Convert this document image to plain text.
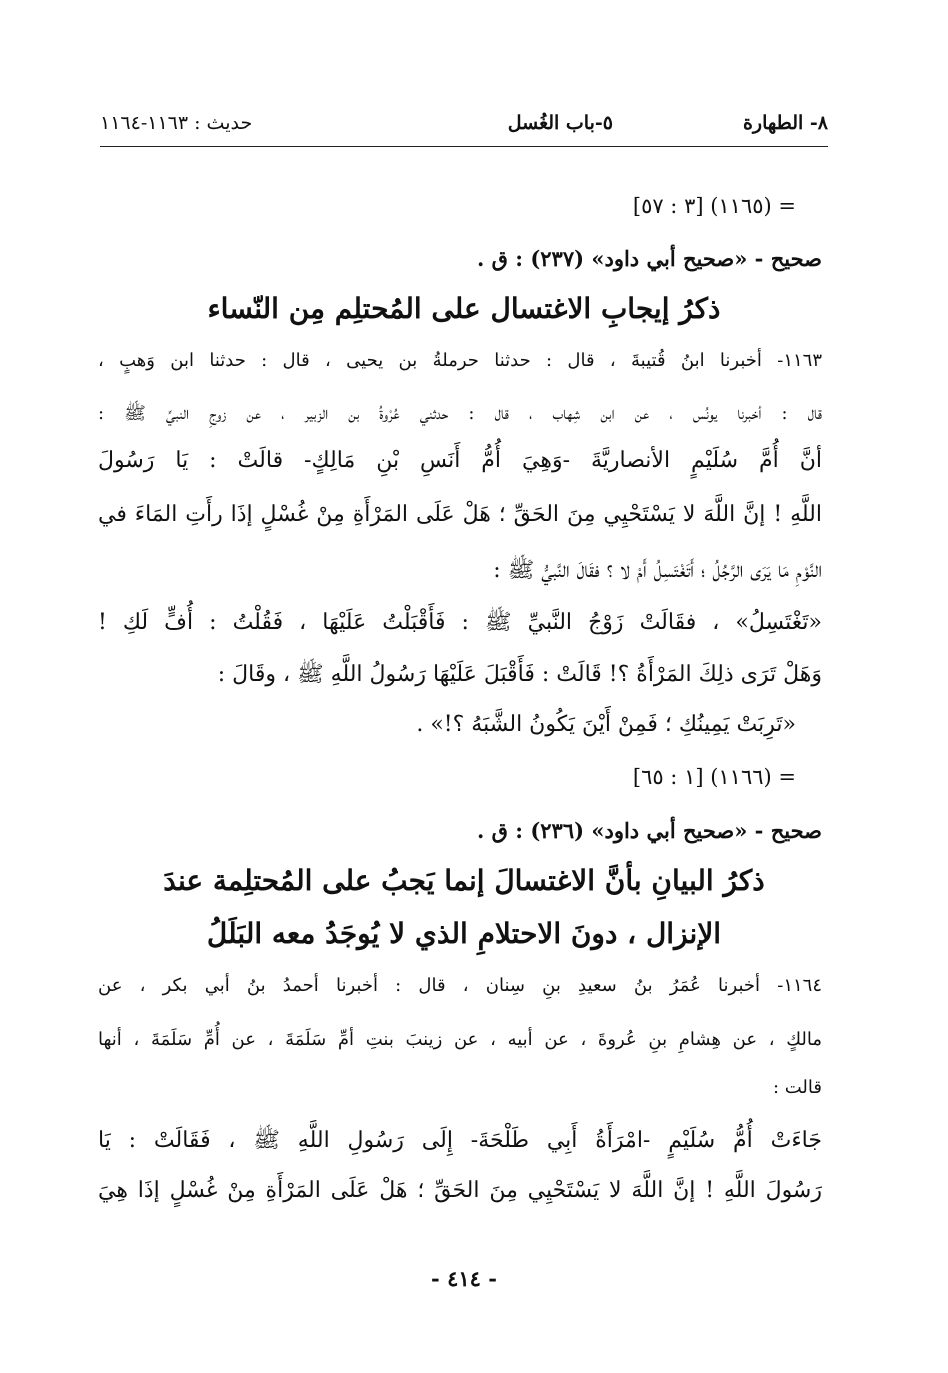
٨- الطهارة
٥-باب الغُسل
حديث : ١١٦٣-١١٦٤
= (١١٦٥) [٣ : ٥٧]
صحيح - «صحيح أبي داود» (٢٣٧) : ق .
ذكرُ إيجابِ الاغتسال على المُحتلِم مِن النّساء
١١٦٣- أخبرنا ابنُ قُتيبةَ ، قال : حدثنا حرملةُ بن يحيى ، قال : حدثنا ابن وَهبٍ ،
قال : أخبرنا يونُس ، عن ابن شِهاب ، قال : حدثني عُرْوةُ بن الزبير ، عن زوجِ النبيِّ ﷺ :
أنَّ أُمَّ سُلَيْمٍ الأنصاريَّةَ -وَهِيَ أُمُّ أَنَسِ بْنِ مَالِكٍ- قالَتْ : يَا رَسُولَ
اللَّهِ ! إنَّ اللَّهَ لا يَسْتَحْيِي مِنَ الحَقِّ ؛ هَلْ عَلَى المَرْأَةِ مِنْ غُسْلٍ إذَا رأَتِ المَاءَ في
النَّوْمِ مَا يَرَى الرَّجُلُ ؛ أَتَغْتَسِلُ أَمْ لا ؟ فقَالَ النَّبيُّ ﷺ :
«تَغْتَسِلُ» ، فقَالَتْ زَوْجُ النَّبيِّ ﷺ : فَأَقْبَلْتُ عَلَيْهَا ، فَقُلْتُ : أُفٍّ لَكِ !
وَهَلْ تَرَى ذلِكَ المَرْأَةُ ؟! قَالَتْ : فَأَقْبَلَ عَلَيْهَا رَسُولُ اللَّهِ ﷺ ، وقَالَ :
«تَرِبَتْ يَمِينُكِ ؛ فَمِنْ أَيْنَ يَكُونُ الشَّبَهُ ؟!» .
= (١١٦٦) [١ : ٦٥]
صحيح - «صحيح أبي داود» (٢٣٦) : ق .
ذكرُ البيانِ بأنَّ الاغتسالَ إنما يَجبُ على المُحتلِمة عندَ
الإنزال ، دونَ الاحتلامِ الذي لا يُوجَدُ معه البَلَلُ
١١٦٤- أخبرنا عُمَرُ بنُ سعيدِ بنِ سِنان ، قال : أخبرنا أحمدُ بنُ أبي بكر ، عن
مالكٍ ، عن هِشامِ بنِ عُروةَ ، عن أبيه ، عن زينبَ بنتِ أمِّ سَلَمَةَ ، عن أُمِّ سَلَمَةَ ، أنها
قالت :
جَاءَتْ أُمُّ سُلَيْمٍ -امْرَأَةُ أَبِي طَلْحَةَ- إِلَى رَسُولِ اللَّهِ ﷺ ، فَقَالَتْ : يَا
رَسُولَ اللَّهِ ! إنَّ اللَّهَ لا يَسْتَحْيِي مِنَ الحَقِّ ؛ هَلْ عَلَى المَرْأَةِ مِنْ غُسْلٍ إذَا هِيَ
- ٤١٤ -
